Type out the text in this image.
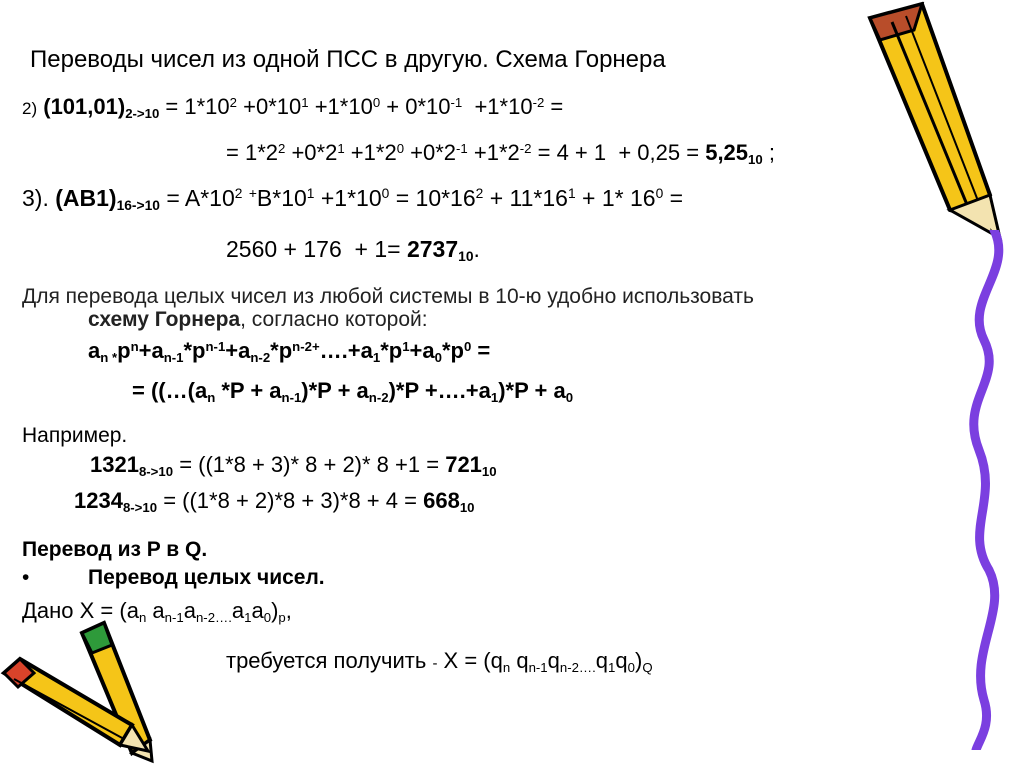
Переводы чисел из одной ПСС в другую. Схема Горнера
2) $(101,01)_{2->10} = 1*10^2 +0*10^1 +1*10^0 + 0*10^{-1} +1*10^{-2}$ =
= $1*2^2 +0*2^1 +1*2^0 +0*2^{-1} +1*2^{-2} = 4 + 1 + 0,25 = 5,25_{10}$ ;
3). $(AB1)_{16->10} = A*10^2$ $^+B*10^1 +1*10^0 = 10*16^2 + 11*16^1 + 1*$ $16^0$ =
$2560 + 176 + 1= 2737_{10}$.
Для перевода целых чисел из любой системы в 10-ю удобно использовать
схему Горнера, согласно которой:
$a_{n *}p^n+a_{n-1}*p^{n-1}+a_{n-2}*p^{n-2+}\dots.+a_1*p^1+a_0*p^0$ =
= (($\dots(a_n$ $*P + a_{n-1})*P + a_{n-2})*P$ $+\dots.+a_1)*P + a_0$
Например.
$1321_{8->10} = ((1*8 + 3)*$ 8 + 2)* $8 +1 = 721_{10}$
$1234_{8->10} = ((1*8 + 2)*8 + 3)*8 + 4 = 668_{10}$
Перевод из P в Q.
•	Перевод целых чисел.
Дано $X = (a_n$ $a_{n-1}a_{n-2\dots.}a_1a_0)_p$,
требуется получить - $X = (q_n$ $q_{n-1}q_{n-2\dots.}q_1q_0)_Q$
